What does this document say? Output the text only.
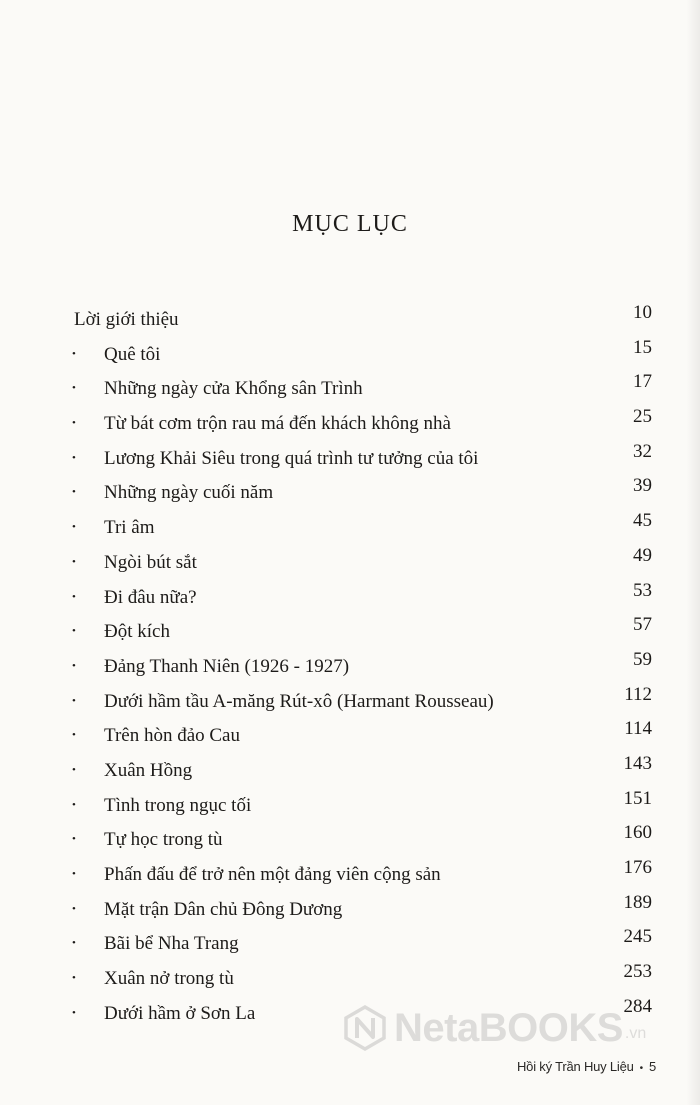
MỤC LỤC
Lời giới thiệu	10
• Quê tôi	15
• Những ngày cửa Khổng sân Trình	17
• Từ bát cơm trộn rau má đến khách không nhà	25
• Lương Khải Siêu trong quá trình tư tưởng của tôi	32
• Những ngày cuối năm	39
• Tri âm	45
• Ngòi bút sắt	49
• Đi đâu nữa?	53
• Đột kích	57
• Đảng Thanh Niên (1926 - 1927)	59
• Dưới hầm tầu A-măng Rút-xô (Harmant Rousseau)	112
• Trên hòn đảo Cau	114
• Xuân Hồng	143
• Tình trong ngục tối	151
• Tự học trong tù	160
• Phấn đấu để trở nên một đảng viên cộng sản	176
• Mặt trận Dân chủ Đông Dương	189
• Bãi bể Nha Trang	245
• Xuân nở trong tù	253
• Dưới hầm ở Sơn La	284
Hồi ký Trần Huy Liệu • 5
NetaBOOKS .vn
